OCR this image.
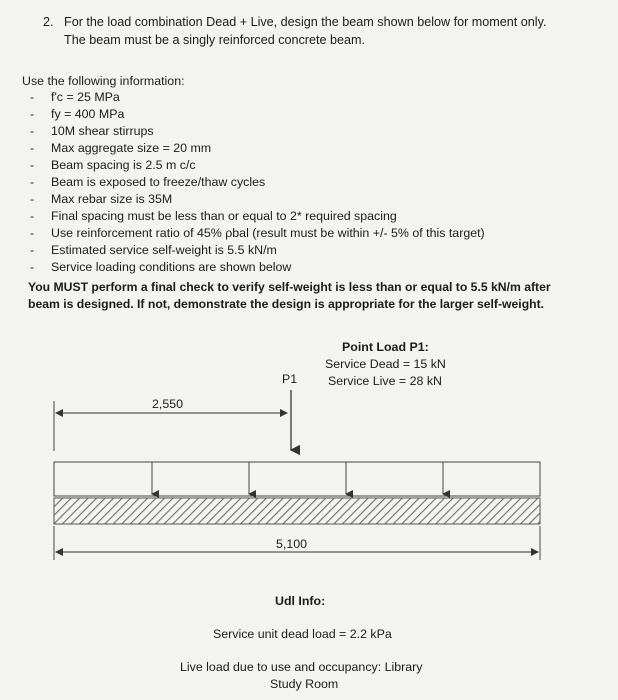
2. For the load combination Dead + Live, design the beam shown below for moment only.
The beam must be a singly reinforced concrete beam.
Use the following information:
- f'c = 25 MPa
- fy = 400 MPa
- 10M shear stirrups
- Max aggregate size = 20 mm
- Beam spacing is 2.5 m c/c
- Beam is exposed to freeze/thaw cycles
- Max rebar size is 35M
- Final spacing must be less than or equal to 2* required spacing
- Use reinforcement ratio of 45% ρbal (result must be within +/- 5% of this target)
- Estimated service self-weight is 5.5 kN/m
- Service loading conditions are shown below
You MUST perform a final check to verify self-weight is less than or equal to 5.5 kN/m after
beam is designed. If not, demonstrate the design is appropriate for the larger self-weight.
Point Load P1:
Service Dead = 15 kN
Service Live = 28 kN
P1
2,550
5,100
Udl Info:
Service unit dead load = 2.2 kPa
Live load due to use and occupancy: Library
Study Room
